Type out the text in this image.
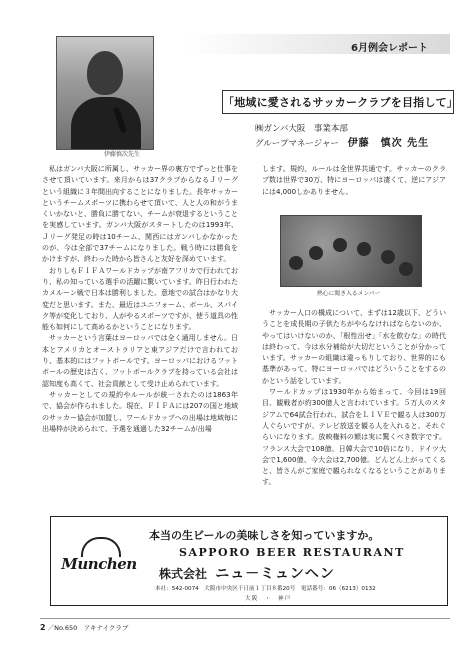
伊藤慎次先生
6月例会レポート
「地域に愛されるサッカークラブを目指して」
㈱ガンバ大阪　事業本部
グループマネージャー 伊藤　慎次 先生

私はガンバ大阪に所属し、サッカー界の裏方でずっと仕事をさせて頂いています。来月からは37クラブからなるＪリーグという組織に３年間出向することになりました。長年サッカーというチームスポーツに携わらせて頂いて、人と人の和がうまくいかないと、勝負に勝てない、チームが衰退するということを実感しています。ガンバ大阪がスタートしたのは1993年、Ｊリーグ発足の時は10チーム、関西にはガンバしかなかったのが、今は全部で37チームになりました。戦う時には勝負をかけますが、終わった時から皆さんと友好を深めています。

おりしもＦＩＦＡワールドカップが南アフリカで行われており、私の知っている選手の活躍に驚いています。昨日行われたカメルーン戦で日本は勝利しました。意地での試合はかなり大変だと思います。また、最近はユニフォーム、ボール、スパイク等が変化しており、人がやるスポーツですが、使う道具の性能も如何にして高めるかということになります。

サッカーという言葉はヨーロッパでは全く通用しません。日本とアメリカとオーストラリアと東アジアだけで言われており、基本的にはフットボールです。ヨーロッパにおけるフットボールの歴史は古く、フットボールクラブを持っている会社は認知度も高くて、社会貢献として受け止められています。

サッカーとしての規約やルールが統一されたのは1863年で、協会が作られました。現在、ＦＩＦＡには207の国と地域のサッカー協会が加盟し、ワールドカップへの出場は地域毎に出場枠が決められて、予選を通過した32チームが出場

します。規約、ルールは全世界共通です。サッカーのクラブ数は世界で30万、特にヨーロッパは凄くて、逆にアジアには4,000しかありません。

熱心に聞き入るメンバー

サッカー人口の構成について、まずは12歳以下、どういうことを成長期の子供たちがやらなければならないのか、やってはいけないのか、「根性出せ」「水を飲むな」の時代は終わって、今は水分補給が大切だということが分かっています。サッカーの組織は違っもりしており、世界的にも基準があって、特にヨーロッパではどういうことをするのかという話をしています。

ワールドカップは1930年から始まって、今回は19回目、観戦者が約300億人と言われています。５万人のスタジアムで64試合行われ、試合をＬＩＶＥで観る人は300万人ぐらいですが、テレビ放送を観る人を入れると、それぐらいになります。放映権料の額は実に驚くべき数字です。フランス大会で108億、日韓大会で10倍になり、ドイツ大会で1,600億、今大会は2,700億。どんどん上がってくると、皆さんがご家庭で観られなくなるということがあります。

Munchen
本当の生ビールの美味しさを知っていますか。
SAPPORO BEER RESTAURANT
株式会社 ニュ－ミュンヘン
本社：542-0074　大阪市中央区千日前１丁目８番20号　電話番号：06（6213）0132
大阪　・　神戸
2 ／No.650　アキナイクラブ
